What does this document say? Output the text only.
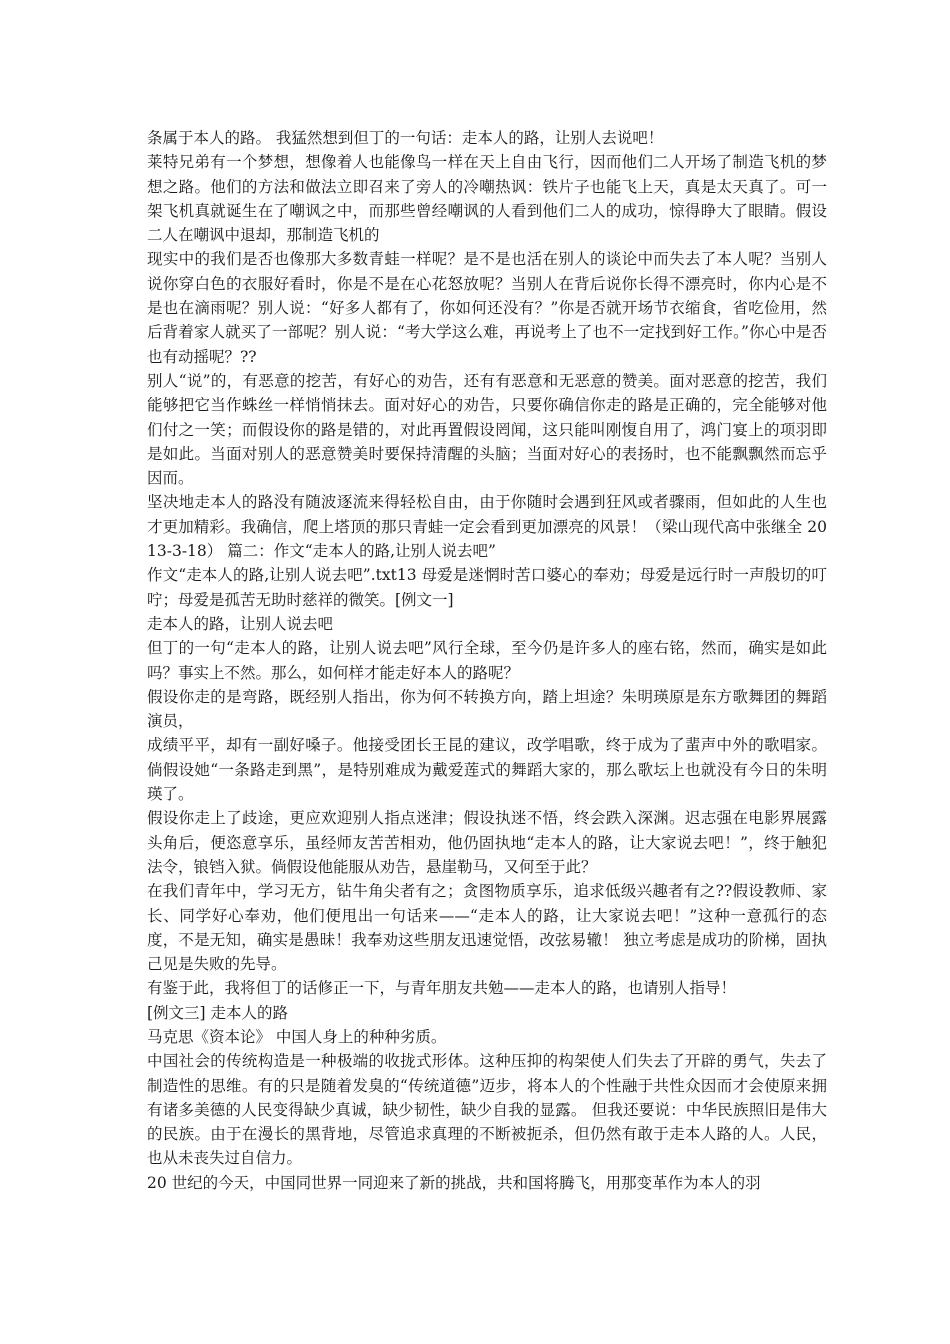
条属于本人的路。 我猛然想到但丁的一句话：走本人的路，让别人去说吧！

莱特兄弟有一个梦想，想像着人也能像鸟一样在天上自由飞行，因而他们二人开场了制造飞机的梦想之路。他们的方法和做法立即召来了旁人的冷嘲热讽：铁片子也能飞上天，真是太天真了。可一架飞机真就诞生在了嘲讽之中，而那些曾经嘲讽的人看到他们二人的成功，惊得睁大了眼睛。假设二人在嘲讽中退却，那制造飞机的

现实中的我们是否也像那大多数青蛙一样呢？是不是也活在别人的谈论中而失去了本人呢？当别人说你穿白色的衣服好看时，你是不是在心花怒放呢？当别人在背后说你长得不漂亮时，你内心是不是也在滴雨呢？别人说：“好多人都有了，你如何还没有？”你是否就开场节衣缩食，省吃俭用，然后背着家人就买了一部呢？别人说：“考大学这么难，再说考上了也不一定找到好工作。”你心中是否也有动摇呢？??

别人“说”的，有恶意的挖苦，有好心的劝告，还有有恶意和无恶意的赞美。面对恶意的挖苦，我们能够把它当作蛛丝一样悄悄抹去。面对好心的劝告，只要你确信你走的路是正确的，完全能够对他们付之一笑；而假设你的路是错的，对此再置假设罔闻，这只能叫刚愎自用了，鸿门宴上的项羽即是如此。当面对别人的恶意赞美时要保持清醒的头脑；当面对好心的表扬时，也不能飘飘然而忘乎因而。

坚决地走本人的路没有随波逐流来得轻松自由，由于你随时会遇到狂风或者骤雨，但如此的人生也才更加精彩。我确信，爬上塔顶的那只青蛙一定会看到更加漂亮的风景！（梁山现代高中张继全 2013-3-18） 篇二：作文“走本人的路,让别人说去吧”

作文“走本人的路,让别人说去吧”.txt13 母爱是迷惘时苦口婆心的奉劝；母爱是远行时一声殷切的叮咛；母爱是孤苦无助时慈祥的微笑。[例文一]

走本人的路，让别人说去吧

但丁的一句“走本人的路，让别人说去吧”风行全球，至今仍是许多人的座右铭，然而，确实是如此吗？事实上不然。那么，如何样才能走好本人的路呢？

假设你走的是弯路，既经别人指出，你为何不转换方向，踏上坦途？朱明瑛原是东方歌舞团的舞蹈演员，

成绩平平，却有一副好嗓子。他接受团长王昆的建议，改学唱歌，终于成为了蜚声中外的歌唱家。倘假设她“一条路走到黑”，是特别难成为戴爱莲式的舞蹈大家的，那么歌坛上也就没有今日的朱明瑛了。

假设你走上了歧途，更应欢迎别人指点迷津；假设执迷不悟，终会跌入深渊。迟志强在电影界展露头角后，便恣意享乐，虽经师友苦苦相劝，他仍固执地“走本人的路，让大家说去吧！”，终于触犯法令，锒铛入狱。倘假设他能服从劝告，悬崖勒马，又何至于此？

在我们青年中，学习无方，钻牛角尖者有之；贪图物质享乐，追求低级兴趣者有之??假设教师、家长、同学好心奉劝，他们便甩出一句话来——“走本人的路，让大家说去吧！”这种一意孤行的态度，不是无知，确实是愚昧！我奉劝这些朋友迅速觉悟，改弦易辙！ 独立考虑是成功的阶梯，固执己见是失败的先导。

有鉴于此，我将但丁的话修正一下，与青年朋友共勉——走本人的路，也请别人指导！

[例文三] 走本人的路

马克思《资本论》 中国人身上的种种劣质。

中国社会的传统构造是一种极端的收拢式形体。这种压抑的构架使人们失去了开辟的勇气，失去了制造性的思维。有的只是随着发臭的“传统道德”迈步，将本人的个性融于共性众因而才会使原来拥有诸多美德的人民变得缺少真诚，缺少韧性，缺少自我的显露。 但我还要说：中华民族照旧是伟大的民族。由于在漫长的黑背地，尽管追求真理的不断被扼杀，但仍然有敢于走本人路的人。人民，也从未丧失过自信力。

20 世纪的今天，中国同世界一同迎来了新的挑战，共和国将腾飞，用那变革作为本人的羽
